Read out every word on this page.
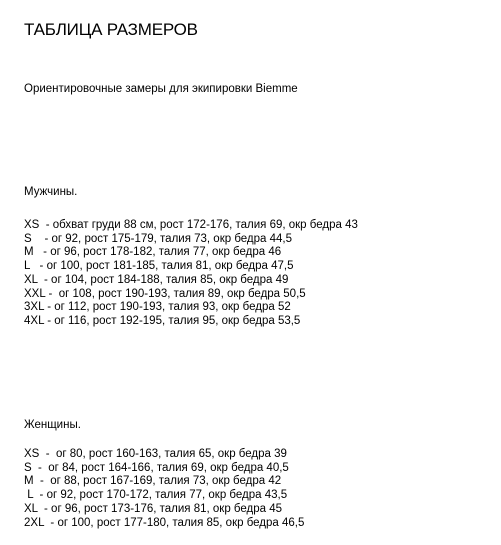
ТАБЛИЦА РАЗМЕРОВ
Ориентировочные замеры для экипировки Biemme
Мужчины.
XS  - обхват груди 88 см, рост 172-176, талия 69, окр бедра 43
S    - ог 92, рост 175-179, талия 73, окр бедра 44,5
M   - ог 96, рост 178-182, талия 77, окр бедра 46
L   - ог 100, рост 181-185, талия 81, окр бедра 47,5
XL  - ог 104, рост 184-188, талия 85, окр бедра 49
XXL -  ог 108, рост 190-193, талия 89, окр бедра 50,5
3XL - ог 112, рост 190-193, талия 93, окр бедра 52
4XL - ог 116, рост 192-195, талия 95, окр бедра 53,5
Женщины.
XS  -  ог 80, рост 160-163, талия 65, окр бедра 39
S  -  ог 84, рост 164-166, талия 69, окр бедра 40,5
M  -  ог 88, рост 167-169, талия 73, окр бедра 42
L  - ог 92, рост 170-172, талия 77, окр бедра 43,5
XL  - ог 96, рост 173-176, талия 81, окр бедра 45
2XL  - ог 100, рост 177-180, талия 85, окр бедра 46,5
